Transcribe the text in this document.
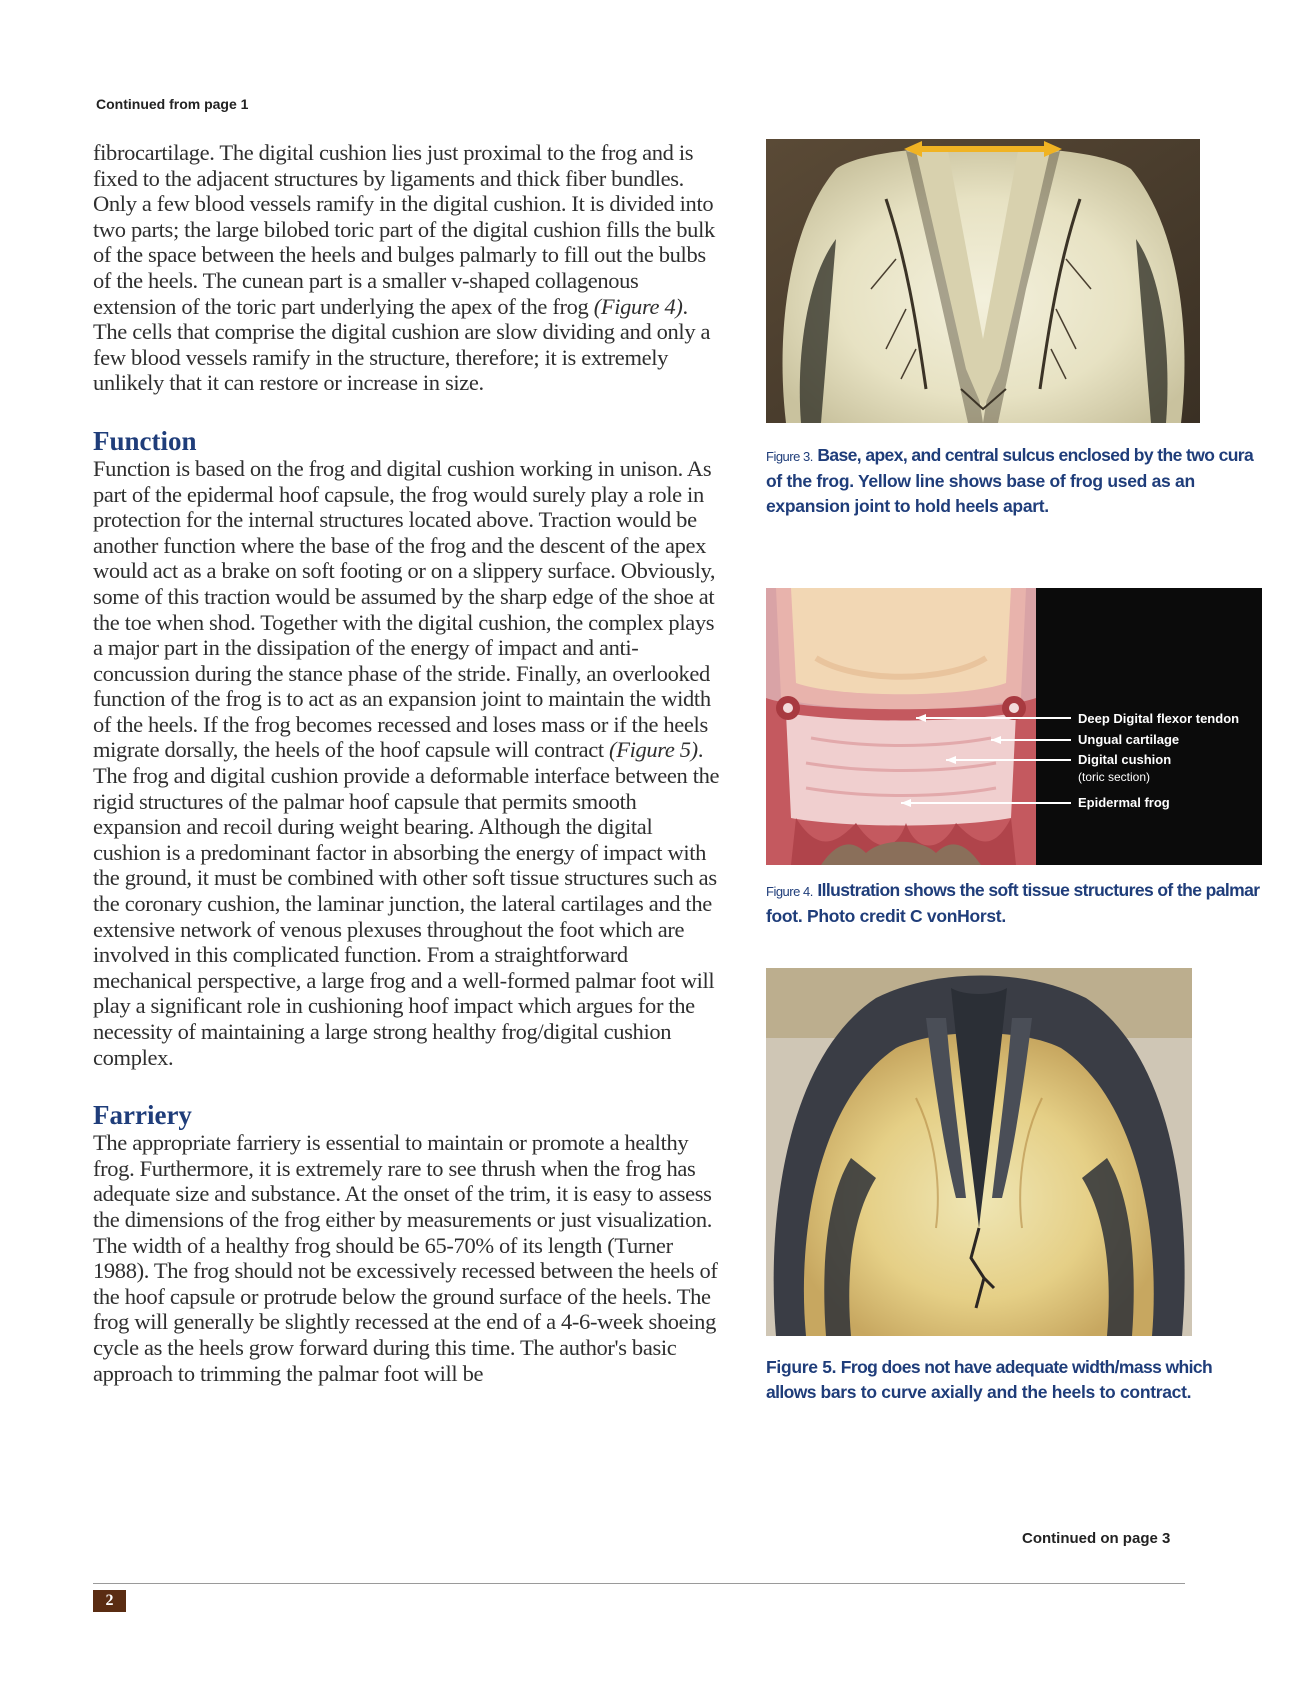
Continued from page 1

fibrocartilage. The digital cushion lies just proximal to the frog and is fixed to the adjacent structures by ligaments and thick fiber bundles. Only a few blood vessels ramify in the digital cushion. It is divided into two parts; the large bilobed toric part of the digital cushion fills the bulk of the space between the heels and bulges palmarly to fill out the bulbs of the heels. The cunean part is a smaller v-shaped collagenous extension of the toric part underlying the apex of the frog (Figure 4). The cells that comprise the digital cushion are slow dividing and only a few blood vessels ramify in the structure, therefore; it is extremely unlikely that it can restore or increase in size.

Function

Function is based on the frog and digital cushion working in unison. As part of the epidermal hoof capsule, the frog would surely play a role in protection for the internal structures located above. Traction would be another function where the base of the frog and the descent of the apex would act as a brake on soft footing or on a slippery surface. Obviously, some of this traction would be assumed by the sharp edge of the shoe at the toe when shod. Together with the digital cushion, the complex plays a major part in the dissipation of the energy of impact and anti-concussion during the stance phase of the stride. Finally, an overlooked function of the frog is to act as an expansion joint to maintain the width of the heels. If the frog becomes recessed and loses mass or if the heels migrate dorsally, the heels of the hoof capsule will contract (Figure 5). The frog and digital cushion provide a deformable interface between the rigid structures of the palmar hoof capsule that permits smooth expansion and recoil during weight bearing. Although the digital cushion is a predominant factor in absorbing the energy of impact with the ground, it must be combined with other soft tissue structures such as the coronary cushion, the laminar junction, the lateral cartilages and the extensive network of venous plexuses throughout the foot which are involved in this complicated function. From a straightforward mechanical perspective, a large frog and a well-formed palmar foot will play a significant role in cushioning hoof impact which argues for the necessity of maintaining a large strong healthy frog/digital cushion complex.

Farriery

The appropriate farriery is essential to maintain or promote a healthy frog. Furthermore, it is extremely rare to see thrush when the frog has adequate size and substance. At the onset of the trim, it is easy to assess the dimensions of the frog either by measurements or just visualization. The width of a healthy frog should be 65-70% of its length (Turner 1988). The frog should not be excessively recessed between the heels of the hoof capsule or protrude below the ground surface of the heels. The frog will generally be slightly recessed at the end of a 4-6-week shoeing cycle as the heels grow forward during this time. The author's basic approach to trimming the palmar foot will be

Figure 3. Base, apex, and central sulcus enclosed by the two cura of the frog. Yellow line shows base of frog used as an expansion joint to hold heels apart.
Deep Digital flexor tendon
Ungual cartilage
Digital cushion
(toric section)
Epidermal frog
Figure 4. Illustration shows the soft tissue structures of the palmar foot. Photo credit C vonHorst.
Figure 5. Frog does not have adequate width/mass which allows bars to curve axially and the heels to contract.
Continued on page 3
2
